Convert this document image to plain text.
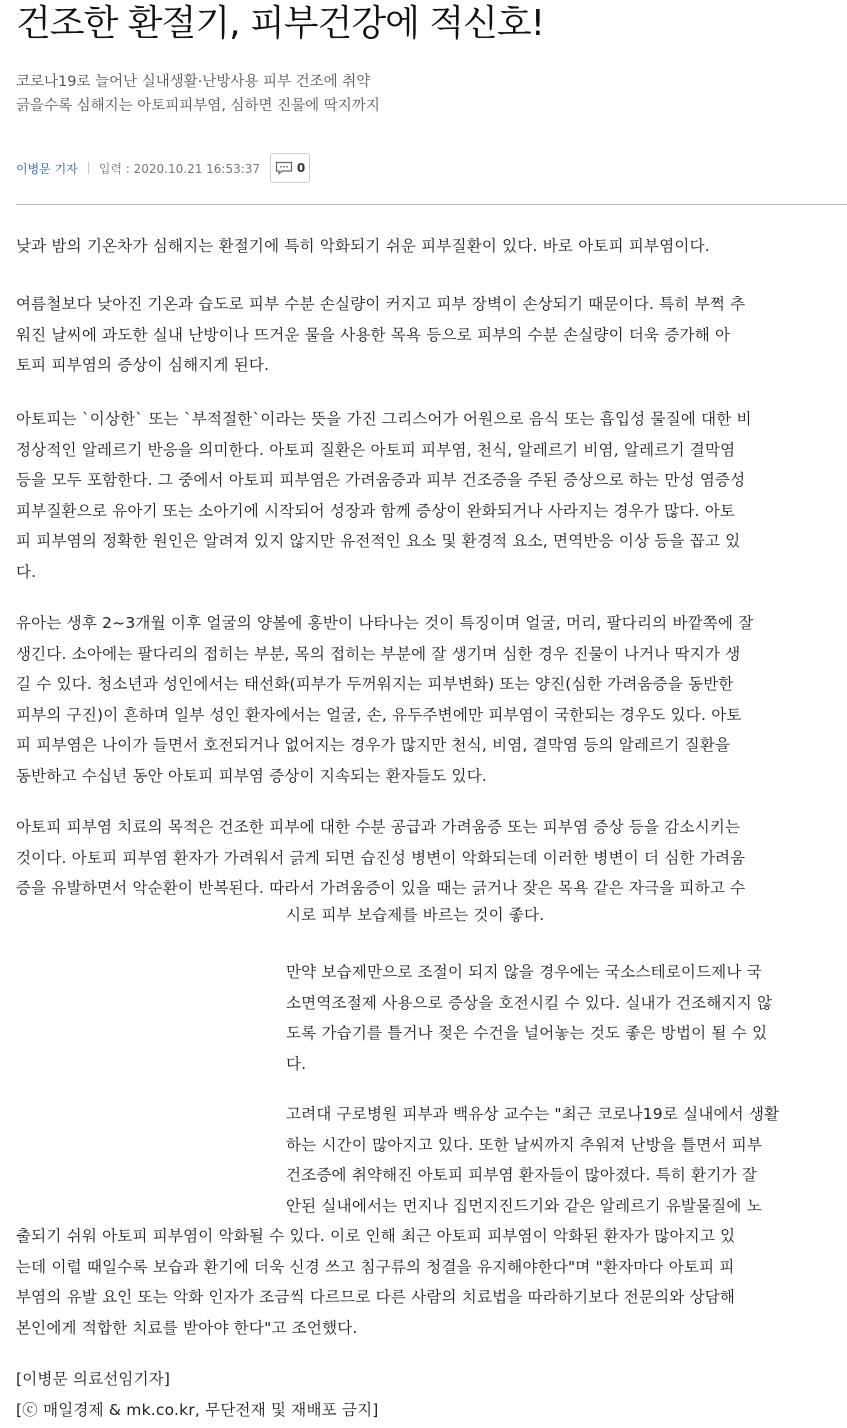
건조한 환절기, 피부건강에 적신호!
코로나19로 늘어난 실내생활·난방사용 피부 건조에 취약
긁을수록 심해지는 아토피피부염, 심하면 진물에 딱지까지
이병문 기자 입력 : 2020.10.21 16:53:37	0
낮과 밤의 기온차가 심해지는 환절기에 특히 악화되기 쉬운 피부질환이 있다. 바로 아토피 피부염이다.
여름철보다 낮아진 기온과 습도로 피부 수분 손실량이 커지고 피부 장벽이 손상되기 때문이다. 특히 부쩍 추
워진 날씨에 과도한 실내 난방이나 뜨거운 물을 사용한 목욕 등으로 피부의 수분 손실량이 더욱 증가해 아
토피 피부염의 증상이 심해지게 된다.
아토피는 `이상한` 또는 `부적절한`이라는 뜻을 가진 그리스어가 어원으로 음식 또는 흡입성 물질에 대한 비
정상적인 알레르기 반응을 의미한다. 아토피 질환은 아토피 피부염, 천식, 알레르기 비염, 알레르기 결막염
등을 모두 포함한다. 그 중에서 아토피 피부염은 가려움증과 피부 건조증을 주된 증상으로 하는 만성 염증성
피부질환으로 유아기 또는 소아기에 시작되어 성장과 함께 증상이 완화되거나 사라지는 경우가 많다. 아토
피 피부염의 정확한 원인은 알려져 있지 않지만 유전적인 요소 및 환경적 요소, 면역반응 이상 등을 꼽고 있
다.
유아는 생후 2~3개월 이후 얼굴의 양볼에 홍반이 나타나는 것이 특징이며 얼굴, 머리, 팔다리의 바깥쪽에 잘
생긴다. 소아에는 팔다리의 접히는 부분, 목의 접히는 부분에 잘 생기며 심한 경우 진물이 나거나 딱지가 생
길 수 있다. 청소년과 성인에서는 태선화(피부가 두꺼워지는 피부변화) 또는 양진(심한 가려움증을 동반한
피부의 구진)이 흔하며 일부 성인 환자에서는 얼굴, 손, 유두주변에만 피부염이 국한되는 경우도 있다. 아토
피 피부염은 나이가 들면서 호전되거나 없어지는 경우가 많지만 천식, 비염, 결막염 등의 알레르기 질환을
동반하고 수십년 동안 아토피 피부염 증상이 지속되는 환자들도 있다.
아토피 피부염 치료의 목적은 건조한 피부에 대한 수분 공급과 가려움증 또는 피부염 증상 등을 감소시키는
것이다. 아토피 피부염 환자가 가려워서 긁게 되면 습진성 병변이 악화되는데 이러한 병변이 더 심한 가려움
증을 유발하면서 악순환이 반복된다. 따라서 가려움증이 있을 때는 긁거나 잦은 목욕 같은 자극을 피하고 수
시로 피부 보습제를 바르는 것이 좋다.
만약 보습제만으로 조절이 되지 않을 경우에는 국소스테로이드제나 국
소면역조절제 사용으로 증상을 호전시킬 수 있다. 실내가 건조해지지 않
도록 가습기를 틀거나 젖은 수건을 널어놓는 것도 좋은 방법이 될 수 있
다.
고려대 구로병원 피부과 백유상 교수는 "최근 코로나19로 실내에서 생활
하는 시간이 많아지고 있다. 또한 날씨까지 추워져 난방을 틀면서 피부
건조증에 취약해진 아토피 피부염 환자들이 많아졌다. 특히 환기가 잘
안된 실내에서는 먼지나 집먼지진드기와 같은 알레르기 유발물질에 노
출되기 쉬워 아토피 피부염이 악화될 수 있다. 이로 인해 최근 아토피 피부염이 악화된 환자가 많아지고 있
는데 이럴 때일수록 보습과 환기에 더욱 신경 쓰고 침구류의 청결을 유지해야한다"며 "환자마다 아토피 피
부염의 유발 요인 또는 악화 인자가 조금씩 다르므로 다른 사람의 치료법을 따라하기보다 전문의와 상담해
본인에게 적합한 치료를 받아야 한다"고 조언했다.
[이병문 의료선임기자]
[ⓒ 매일경제 & mk.co.kr, 무단전재 및 재배포 금지]
